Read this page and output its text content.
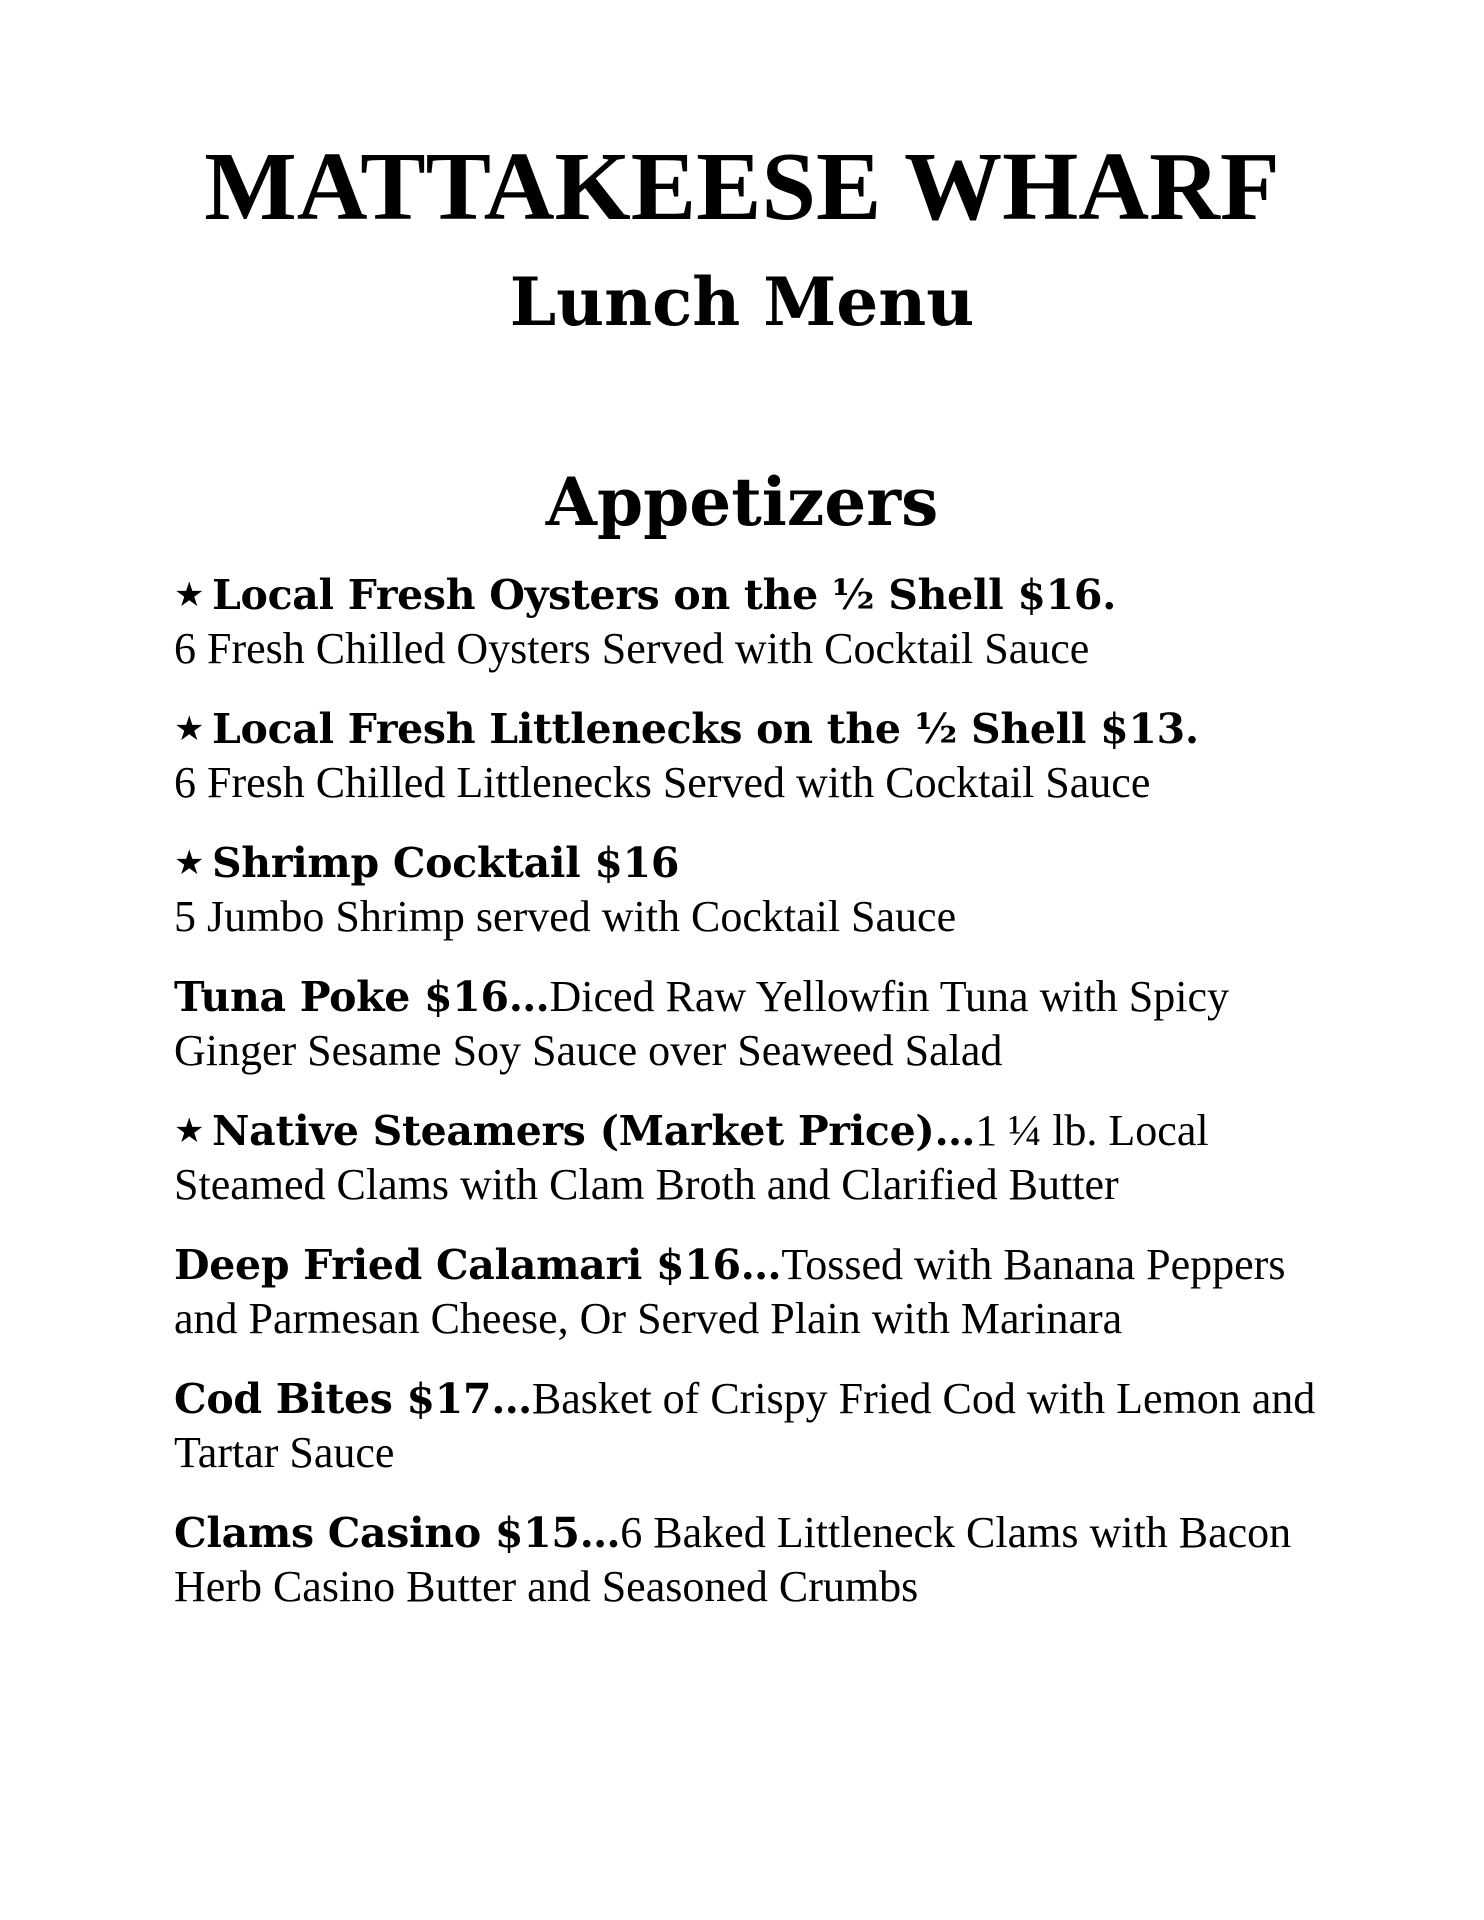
MATTAKEESE WHARF
Lunch Menu
Appetizers
★ Local Fresh Oysters on the ½ Shell $16.
6 Fresh Chilled Oysters Served with Cocktail Sauce
★ Local Fresh Littlenecks on the ½ Shell $13.
6 Fresh Chilled Littlenecks Served with Cocktail Sauce
★ Shrimp Cocktail $16
5 Jumbo Shrimp served with Cocktail Sauce
Tuna Poke $16…Diced Raw Yellowfin Tuna with Spicy Ginger Sesame Soy Sauce over Seaweed Salad
★ Native Steamers (Market Price)…1 ¼ lb. Local Steamed Clams with Clam Broth and Clarified Butter
Deep Fried Calamari $16…Tossed with Banana Peppers and Parmesan Cheese, Or Served Plain with Marinara
Cod Bites $17…Basket of Crispy Fried Cod with Lemon and Tartar Sauce
Clams Casino $15…6 Baked Littleneck Clams with Bacon Herb Casino Butter and Seasoned Crumbs
